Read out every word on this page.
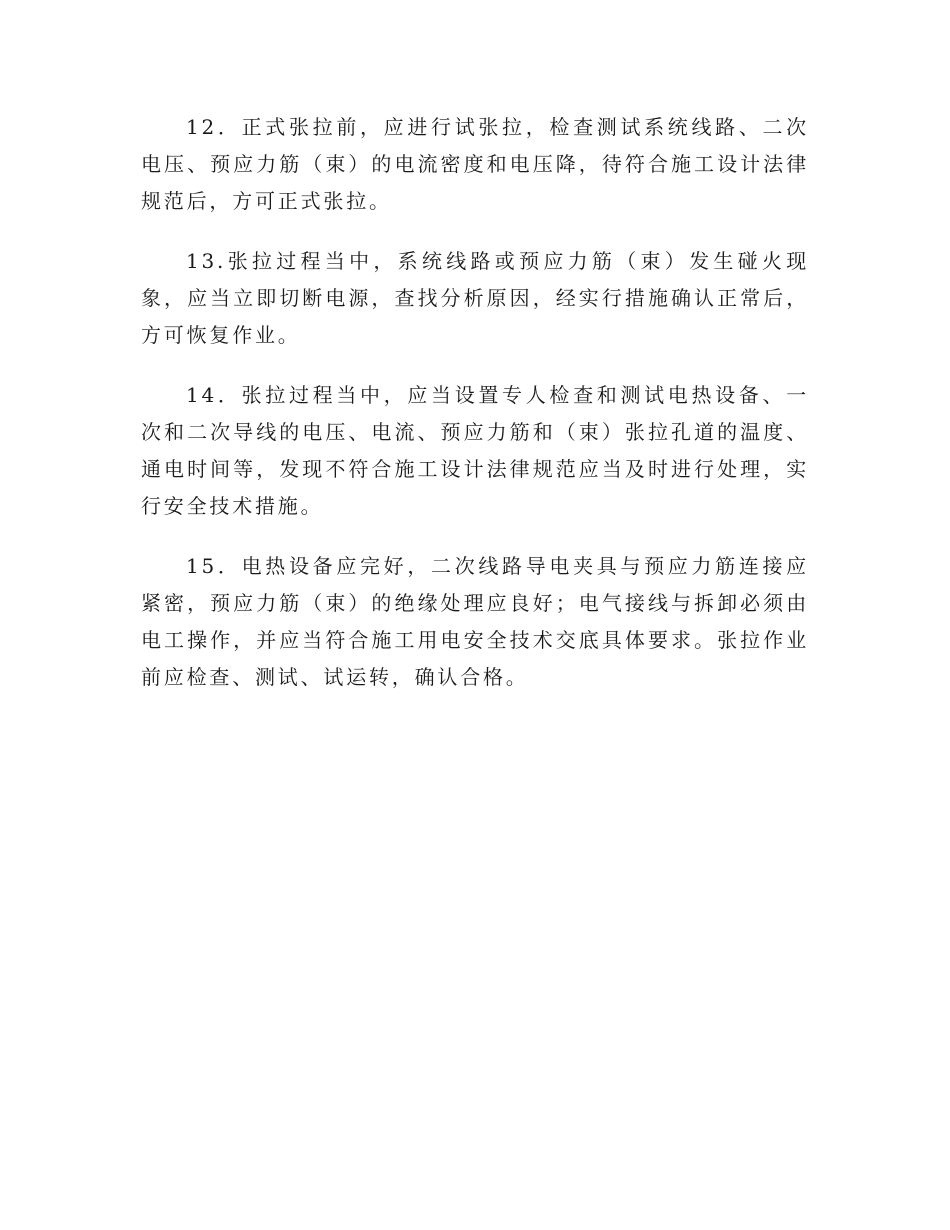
12．正式张拉前，应进行试张拉，检查测试系统线路、二次电压、预应力筋（束）的电流密度和电压降，待符合施工设计法律规范后，方可正式张拉。

13.张拉过程当中，系统线路或预应力筋（束）发生碰火现象，应当立即切断电源，查找分析原因，经实行措施确认正常后，方可恢复作业。

14．张拉过程当中，应当设置专人检查和测试电热设备、一次和二次导线的电压、电流、预应力筋和（束）张拉孔道的温度、通电时间等，发现不符合施工设计法律规范应当及时进行处理，实行安全技术措施。

15．电热设备应完好，二次线路导电夹具与预应力筋连接应紧密，预应力筋（束）的绝缘处理应良好；电气接线与拆卸必须由电工操作，并应当符合施工用电安全技术交底具体要求。张拉作业前应检查、测试、试运转，确认合格。
